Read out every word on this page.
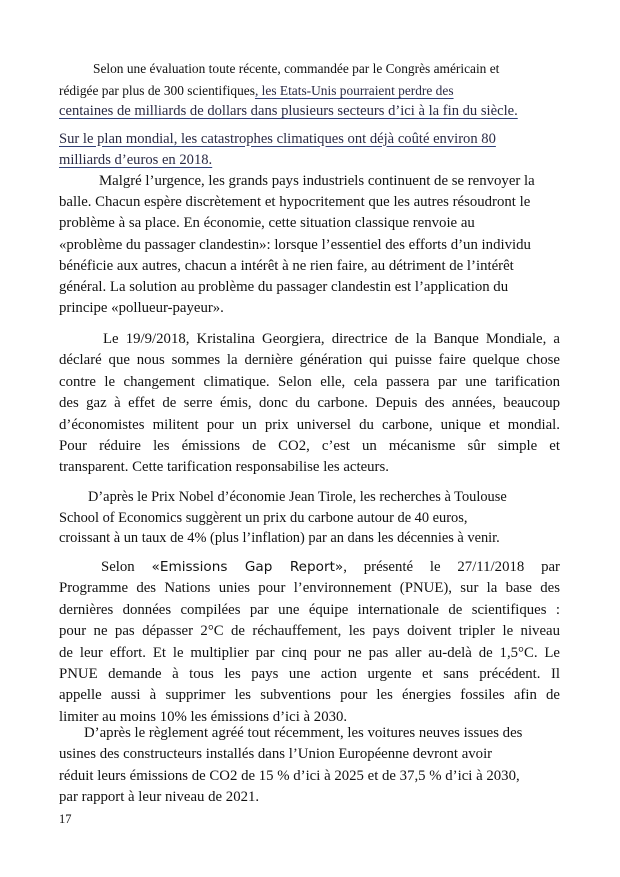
Selon une évaluation toute récente, commandée par le Congrès américain et
rédigée par plus de 300 scientifiques, les Etats-Unis pourraient perdre des
centaines de milliards de dollars dans plusieurs secteurs d’ici à la fin du siècle.
Sur le plan mondial, les catastrophes climatiques ont déjà coûté environ 80
milliards d’euros en 2018.
Malgré l’urgence, les grands pays industriels continuent de se renvoyer la
balle. Chacun espère discrètement et hypocritement que les autres résoudront le
problème à sa place. En économie, cette situation classique renvoie au
«problème du passager clandestin»: lorsque l’essentiel des efforts d’un individu
bénéficie aux autres, chacun a intérêt à ne rien faire, au détriment de l’intérêt
général. La solution au problème du passager clandestin est l’application du
principe «pollueur-payeur».
Le 19/9/2018, Kristalina Georgiera, directrice de la Banque Mondiale, a
déclaré que nous sommes la dernière génération qui puisse faire quelque chose
contre le changement climatique. Selon elle, cela passera par une tarification
des gaz à effet de serre émis, donc du carbone. Depuis des années, beaucoup
d’économistes militent pour un prix universel du carbone, unique et mondial.
Pour réduire les émissions de CO2, c’est un mécanisme sûr simple et
transparent. Cette tarification responsabilise les acteurs.
D’après le Prix Nobel d’économie Jean Tirole, les recherches à Toulouse
School of Economics suggèrent un prix du carbone autour de 40 euros,
croissant à un taux de 4% (plus l’inflation) par an dans les décennies à venir.
Selon «Emissions Gap Report», présenté le 27/11/2018 par
Programme des Nations unies pour l’environnement (PNUE), sur la base des
dernières données compilées par une équipe internationale de scientifiques :
pour ne pas dépasser 2°C de réchauffement, les pays doivent tripler le niveau
de leur effort. Et le multiplier par cinq pour ne pas aller au-delà de 1,5°C. Le
PNUE demande à tous les pays une action urgente et sans précédent. Il
appelle aussi à supprimer les subventions pour les énergies fossiles afin de
limiter au moins 10% les émissions d’ici à 2030.
D’après le règlement agréé tout récemment, les voitures neuves issues des
usines des constructeurs installés dans l’Union Européenne devront avoir
réduit leurs émissions de CO2 de 15 % d’ici à 2025 et de 37,5 % d’ici à 2030,
par rapport à leur niveau de 2021.
17
